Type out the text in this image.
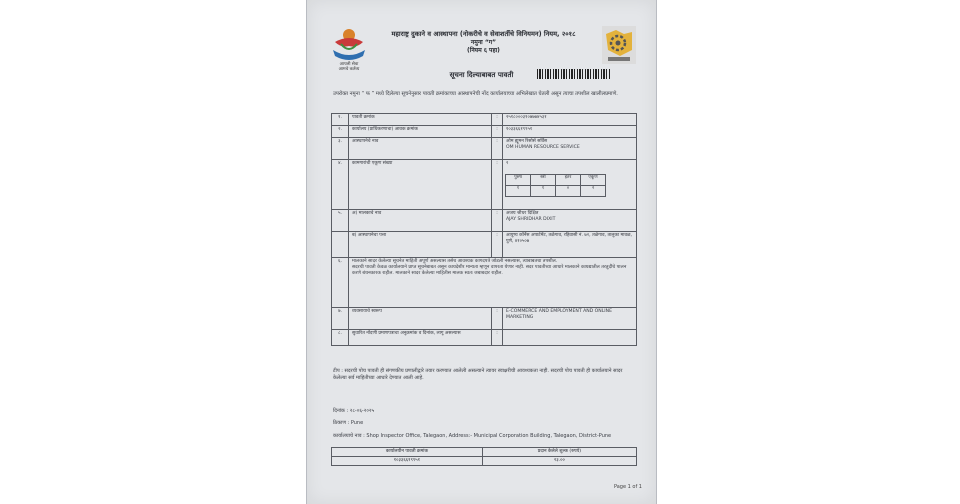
आपली सेवा
आमचे कर्तव्य
महाराष्ट्र दुकाने व आस्थापना (नोकरीचे व सेवाशर्तीचे विनियमन) नियम, २०१८
नमुना “ग”
(नियम ६ पहा)
सूचना दिल्याबाबत पावती
उपरोक्त नमुना “ फ ” मध्ये दिलेल्या सूचनेनुसार पावती क्रमांकाच्या आस्थापनेची नोंद कार्यालयाच्या अभिलेखात घेतली असून त्याचा तपशील खालीलप्रमाणे.
१.	पावती क्रमांक	:	२५१८०००३१०७७७४५३१
२.	कार्यालय (प्राधिकरणाचा) आवक क्रमांक	:	१०३३६६१९९५१
३.	आस्थापनेचे नाव	:	ओम ह्यूमन रिसोर्स सर्विस
OM HUMAN RESOURCE SERVICE

४.	कामगारांची एकूण संख्या	:	२
पुरुष	स्त्री	इतर	एकूण
१	१	०	२

५.	अ) मालकाचे नाव	:	अजय श्रीधर दिक्षित
AJAY SHRIDHAR DIXIT

	ब) आस्थापनेचा पत्ता	:	आयुष्य कॉर्नेस अपार्टमेंट, तळेगाव, रहिवासी नं. ७२, तळेगाव, तालुका मावळ, पुणे, ४१०५०७
६.	मालकाने सादर केलेल्या सूचनेत माहिती अपूर्ण असल्यास तसेच आवश्यक कागदपत्रे जोडली नसल्यास, त्याबाबतचा तपशील.
सदरची पावती केवळ कार्यालयाने प्राप्त सूचनेबाबत असून कायदेशीर मान्यता म्हणून वापरता येणार नाही. सदर पावतीच्या आधारे मालकाने कायद्यातील तरतुदींचे पालन करणे बंधनकारक राहील. मालकाने सादर केलेल्या माहितीस मालक स्वतः जबाबदार राहील.

७.	व्यवसायाचे स्वरूप	:	E-COMMERCE AND EMPLOYMENT AND ONLINE MARKETING
८.	सुधारित नोंदणी प्रमाणपत्राचा अनुक्रमांक व दिनांक, लागू असल्यास	:	
टीप : सदरची पोच पावती ही संगणकीय प्रणालीद्वारे तयार करण्यात आलेली असल्याने त्यावर स्वाक्षरीची आवश्यकता नाही. सदरची पोच पावती ही कार्यालयाने सादर केलेल्या सर्व माहितीच्या आधारे देण्यात आली आहे.
दिनांक : २८-०६-२०२५
ठिकाण : Pune
कार्यालयाचे नाव : Shop Inspector Office, Talegaon, Address:- Municipal Corporation Building, Talegaon, District-Pune
कार्यालयीन पावती क्रमांक	प्रदान केलेले शुल्क (रुपये)
१०३३६६१९९५१	२३.००
Page 1 of 1
